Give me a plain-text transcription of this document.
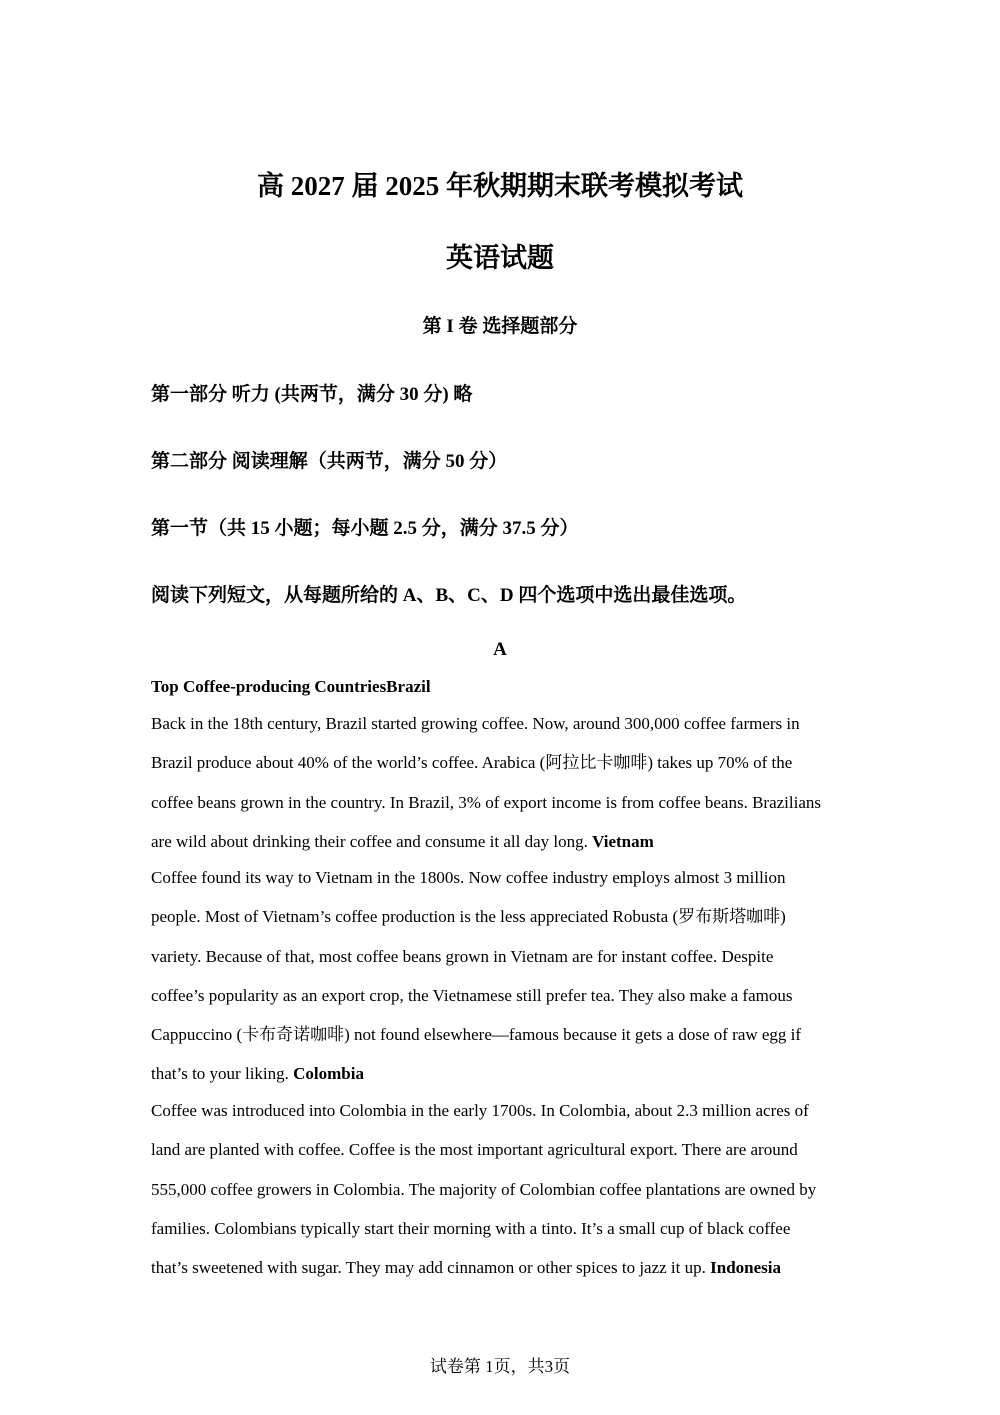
高 2027 届 2025 年秋期期末联考模拟考试
英语试题
第 I 卷 选择题部分
第一部分 听力 (共两节，满分 30 分) 略
第二部分 阅读理解（共两节，满分 50 分）
第一节（共 15 小题；每小题 2.5 分，满分 37.5 分）
阅读下列短文，从每题所给的 A、B、C、D 四个选项中选出最佳选项。
A
Top Coffee-producing CountriesBrazil
Back in the 18th century, Brazil started growing coffee. Now, around 300,000 coffee farmers in
Brazil produce about 40% of the world’s coffee. Arabica (阿拉比卡咖啡) takes up 70% of the
coffee beans grown in the country. In Brazil, 3% of export income is from coffee beans. Brazilians
are wild about drinking their coffee and consume it all day long. Vietnam
Coffee found its way to Vietnam in the 1800s. Now coffee industry employs almost 3 million
people. Most of Vietnam’s coffee production is the less appreciated Robusta (罗布斯塔咖啡)
variety. Because of that, most coffee beans grown in Vietnam are for instant coffee. Despite
coffee’s popularity as an export crop, the Vietnamese still prefer tea. They also make a famous
Cappuccino (卡布奇诺咖啡) not found elsewhere—famous because it gets a dose of raw egg if
that’s to your liking. Colombia
Coffee was introduced into Colombia in the early 1700s. In Colombia, about 2.3 million acres of
land are planted with coffee. Coffee is the most important agricultural export. There are around
555,000 coffee growers in Colombia. The majority of Colombian coffee plantations are owned by
families. Colombians typically start their morning with a tinto. It’s a small cup of black coffee
that’s sweetened with sugar. They may add cinnamon or other spices to jazz it up. Indonesia
试卷第 1页，共3页
